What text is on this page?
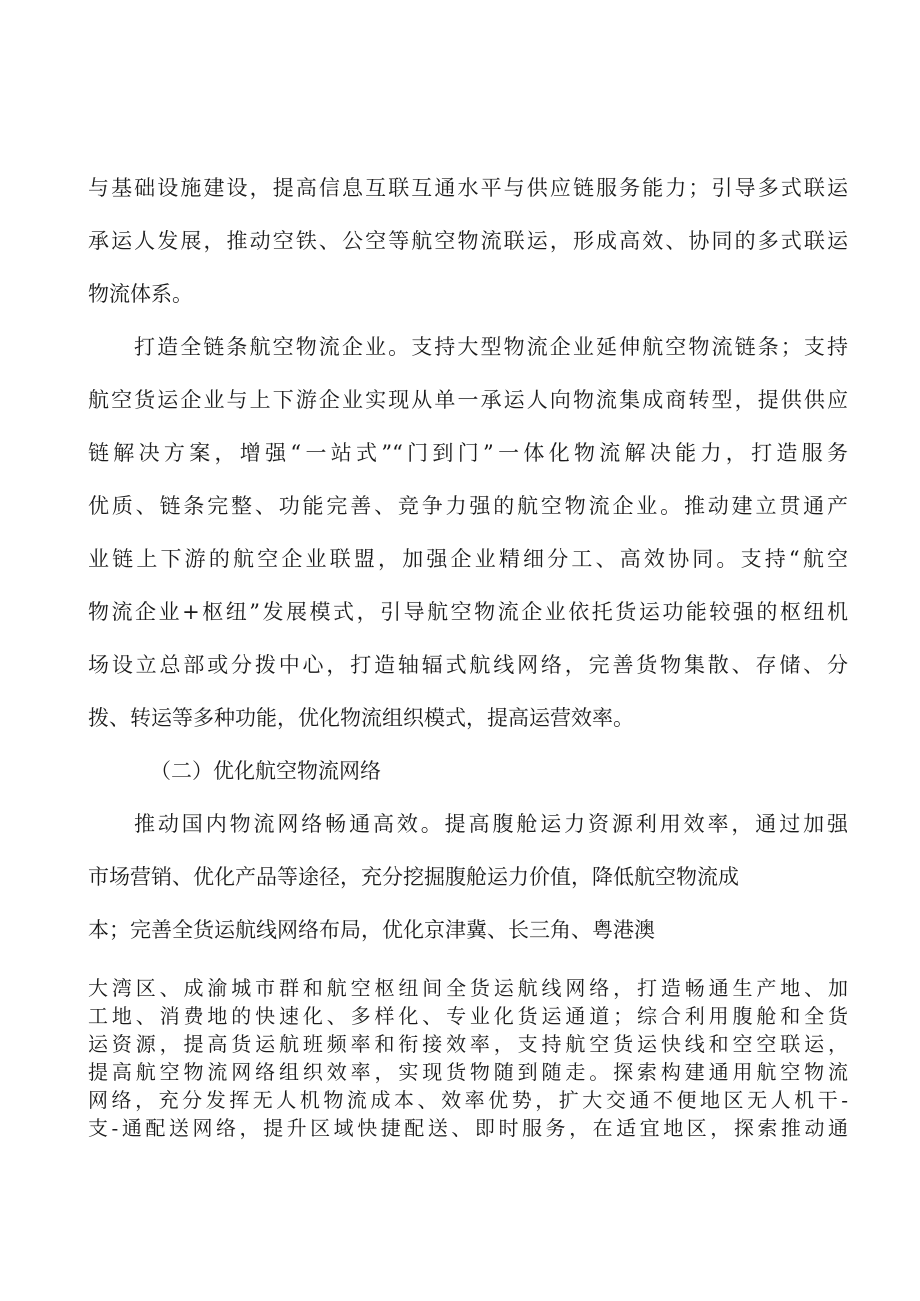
与基础设施建设，提高信息互联互通水平与供应链服务能力；引导多式联运
承运人发展，推动空铁、公空等航空物流联运，形成高效、协同的多式联运
物流体系。
打造全链条航空物流企业。支持大型物流企业延伸航空物流链条；支持
航空货运企业与上下游企业实现从单一承运人向物流集成商转型，提供供应
链解决方案，增强“一站式”“门到门”一体化物流解决能力，打造服务
优质、链条完整、功能完善、竞争力强的航空物流企业。推动建立贯通产
业链上下游的航空企业联盟，加强企业精细分工、高效协同。支持“航空
物流企业+枢纽”发展模式，引导航空物流企业依托货运功能较强的枢纽机
场设立总部或分拨中心，打造轴辐式航线网络，完善货物集散、存储、分
拨、转运等多种功能，优化物流组织模式，提高运营效率。
（二）优化航空物流网络
推动国内物流网络畅通高效。提高腹舱运力资源利用效率，通过加强
市场营销、优化产品等途径，充分挖掘腹舱运力价值，降低航空物流成
本；完善全货运航线网络布局，优化京津冀、长三角、粤港澳
大湾区、成渝城市群和航空枢纽间全货运航线网络，打造畅通生产地、加
工地、消费地的快速化、多样化、专业化货运通道；综合利用腹舱和全货
运资源，提高货运航班频率和衔接效率，支持航空货运快线和空空联运，
提高航空物流网络组织效率，实现货物随到随走。探索构建通用航空物流
网络，充分发挥无人机物流成本、效率优势，扩大交通不便地区无人机干-
支-通配送网络，提升区域快捷配送、即时服务，在适宜地区，探索推动通
